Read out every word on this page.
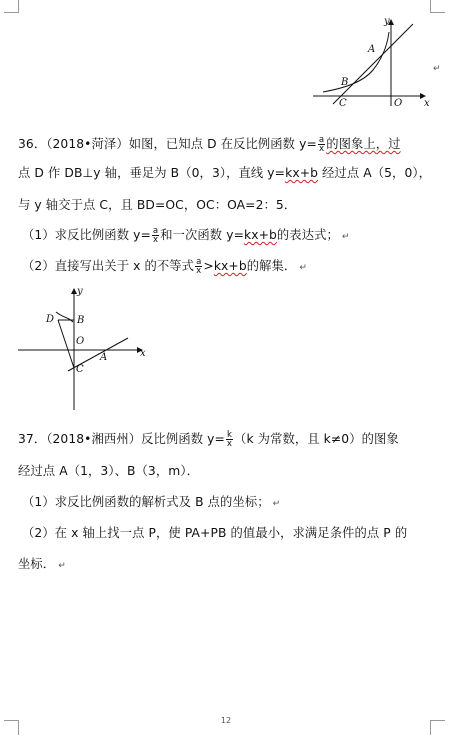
y
A
B
C	O x
↵
36．（2018•菏泽）如图，已知点 D 在反比例函数 $y= \frac{a}{x}$ 的图象上，过
点 D 作 DB⊥y 轴，垂足为 B（0，3），直线 y=kx+b 经过点 A（5，0），
与 y 轴交于点 C，且 BD=OC，OC：OA=2：5．
（1）求反比例函数 $y= \frac{a}{x}$ 和一次函数 y=kx+b的表达式； ↵
（2）直接写出关于 x 的不等式 $\frac{a}{x} >kx+b$的解集． ↵
y
D B
O
A
C
x
37．（2018•湘西州）反比例函数 $y= \frac{k}{x} (k$ 为常数，且 k≠0）的图象
经过点 A（1，3）、B（3，m）．
（1）求反比例函数的解析式及 B 点的坐标； ↵
（2）在 x 轴上找一点 P，使 PA+PB 的值最小，求满足条件的点 P 的
坐标． ↵
12
